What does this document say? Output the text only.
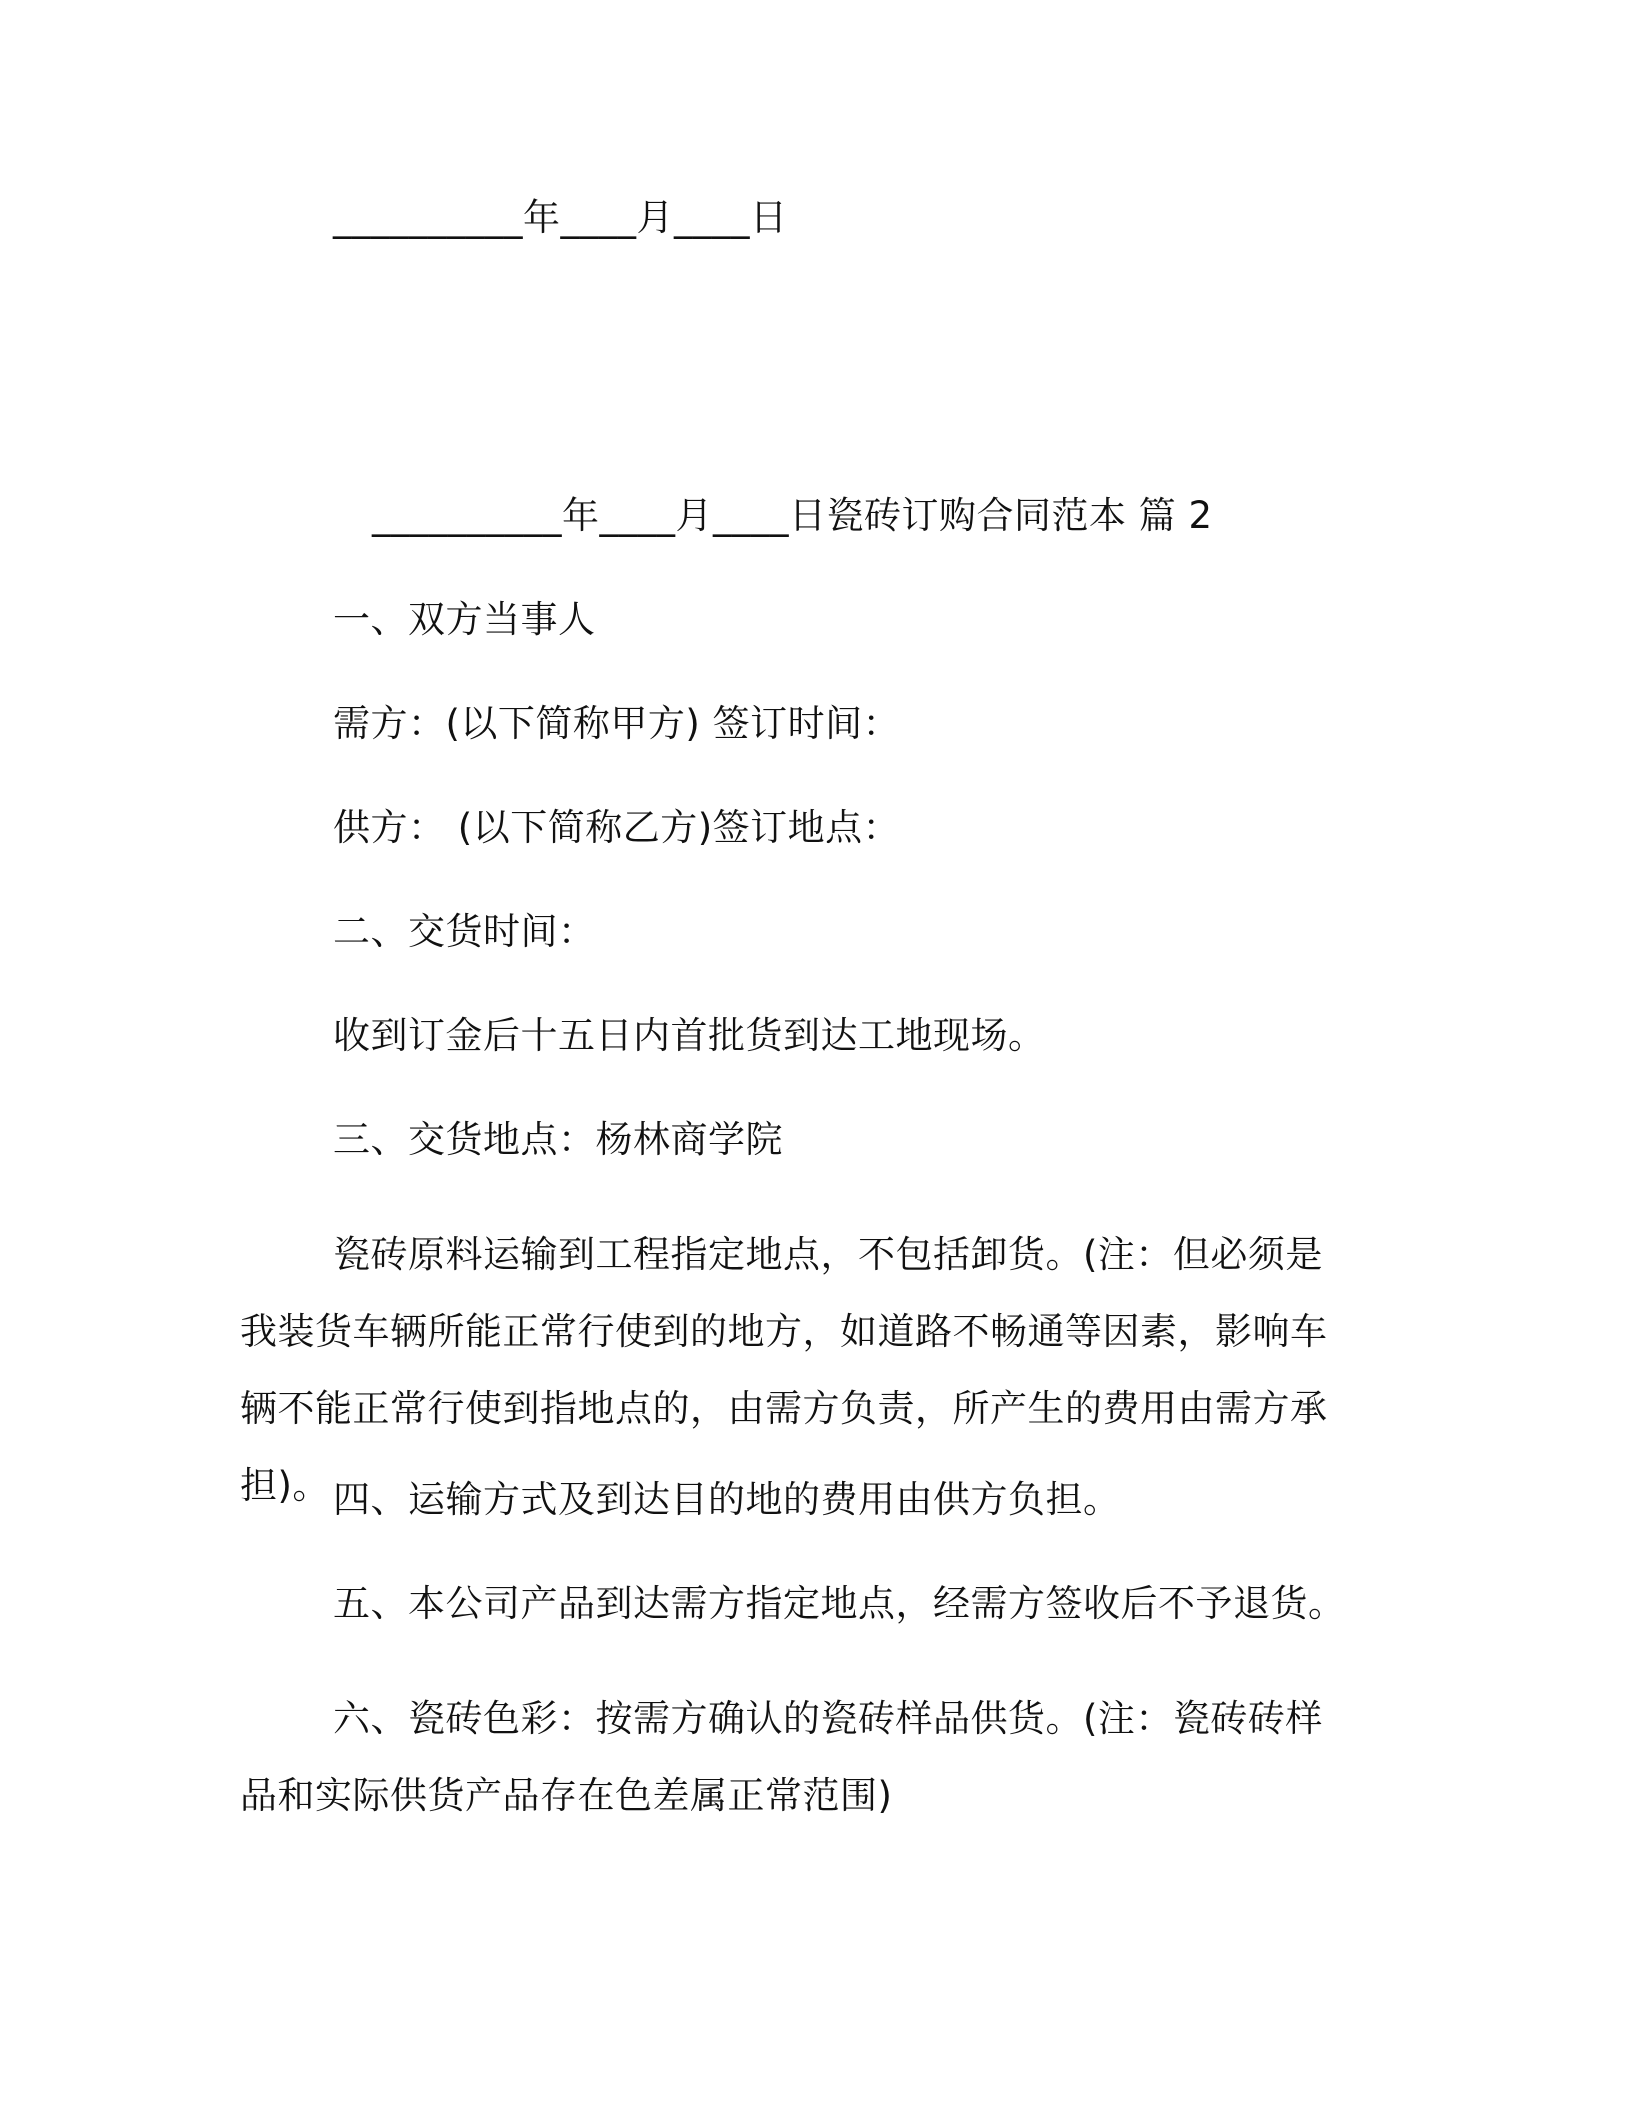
__________年____月____日
__________年____月____日瓷砖订购合同范本 篇 2
一、双方当事人
需方：(以下简称甲方) 签订时间：
供方： (以下简称乙方)签订地点：
二、交货时间：
收到订金后十五日内首批货到达工地现场。
三、交货地点：杨林商学院
瓷砖原料运输到工程指定地点，不包括卸货。(注：但必须是我装货车辆所能正常行使到的地方，如道路不畅通等因素，影响车辆不能正常行使到指地点的，由需方负责，所产生的费用由需方承担)。 四、运输方式及到达目的地的费用由供方负担。
五、本公司产品到达需方指定地点，经需方签收后不予退货。
六、瓷砖色彩：按需方确认的瓷砖样品供货。(注：瓷砖砖样品和实际供货产品存在色差属正常范围)
